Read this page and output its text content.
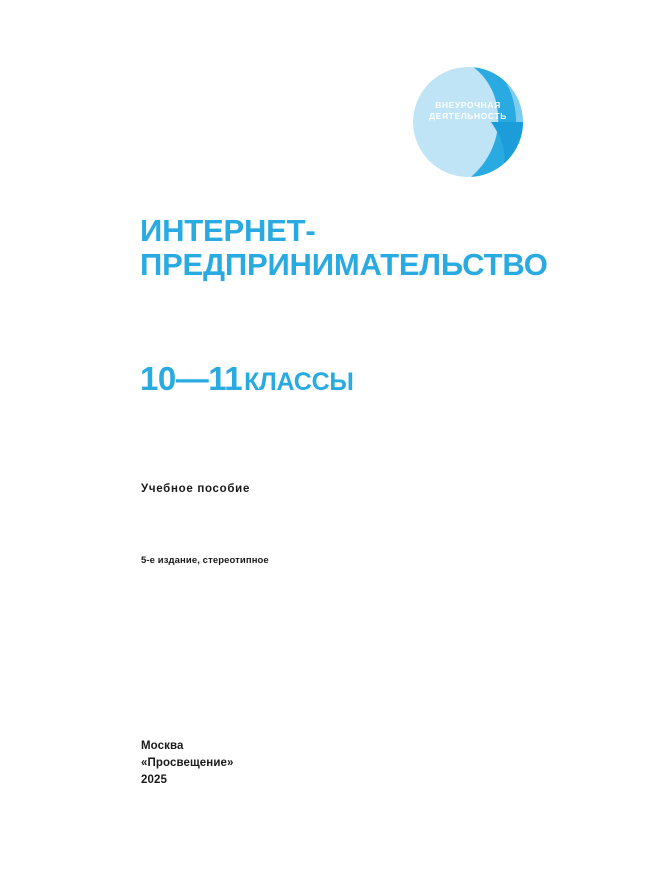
ВНЕУРОЧНАЯ
ДЕЯТЕЛЬНОСТЬ
ИНТЕРНЕТ-
ПРЕДПРИНИМАТЕЛЬСТВО
10—11КЛАССЫ
Учебное пособие
5-е издание, стереотипное
Москва
«Просвещение»
2025
